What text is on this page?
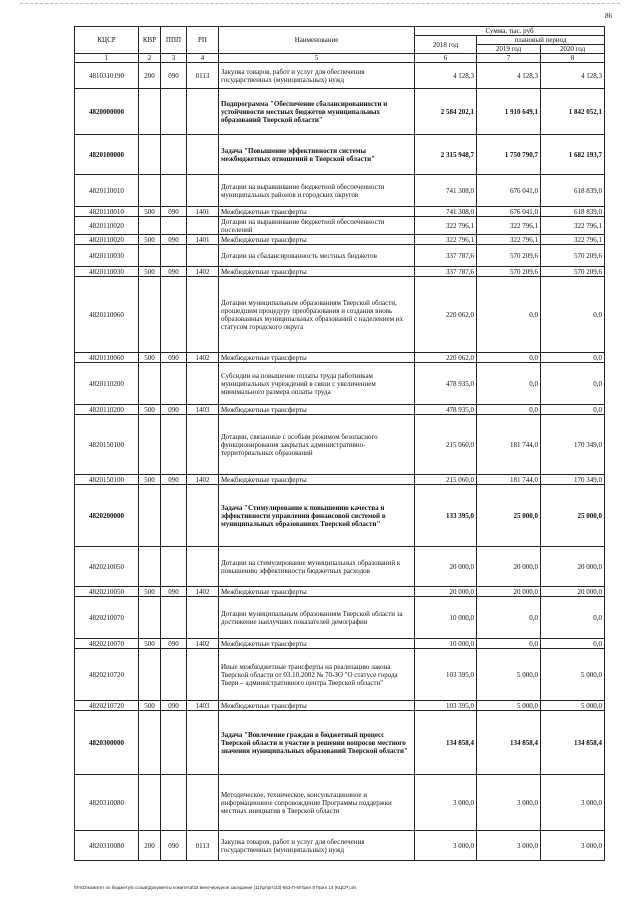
86
КЦСР	КВР	ППП	РП	Наименование	Сумма, тыс. руб		
					2018 год	плановый период	
						2019 год	2020 год
1	2	3	4	5	6	7	8
4810310190	200	090	0113	Закупка товаров, работ и услуг для обеспечения государственных (муниципальных) нужд	4 128,3	4 128,3	4 128,3
4820000000				Подпрограмма "Обеспечение сбалансированности и устойчивости местных бюджетов муниципальных образований Тверской области"	2 584 202,1	1 910 649,1	1 842 052,1
4820100000				Задача "Повышение эффективности системы межбюджетных отношений в Тверской области"	2 315 948,7	1 750 790,7	1 682 193,7
4820110010				Дотации на выравнивание бюджетной обеспеченности муниципальных районов и городских округов	741 308,0	676 041,0	618 839,0
4820110010	500	090	1401	Межбюджетные трансферты	741 308,0	676 041,0	618 839,0
4820110020				Дотации на выравнивание бюджетной обеспеченности поселений	322 796,1	322 796,1	322 796,1
4820110020	500	090	1401	Межбюджетные трансферты	322 796,1	322 796,1	322 796,1
4820110030				Дотации на сбалансированность местных бюджетов	337 787,6	570 209,6	570 209,6
4820110030	500	090	1402	Межбюджетные трансферты	337 787,6	570 209,6	570 209,6
4820110060				Дотации муниципальным образованиям Тверской области, прошедшим процедуру преобразования и создания вновь образованных муниципальных образований с наделением их статусом городского округа	220 062,0	0,0	0,0
4820110060	500	090	1402	Межбюджетные трансферты	220 062,0	0,0	0,0
4820110200				Субсидии на повышение оплаты труда работникам муниципальных учреждений в связи с увеличением минимального размера оплаты труда	478 935,0	0,0	0,0
4820110200	500	090	1403	Межбюджетные трансферты	478 935,0	0,0	0,0
4820150100				Дотации, связанные с особым режимом безопасного функционирования закрытых административно-территориальных образований	215 060,0	181 744,0	170 349,0
4820150100	500	090	1402	Межбюджетные трансферты	215 060,0	181 744,0	170 349,0
4820200000				Задача "Стимулирование к повышению качества и эффективности управления финансовой системой в муниципальных образованиях Тверской области"	133 395,0	25 000,0	25 000,0
4820210050				Дотации на стимулирование муниципальных образований к повышению эффективности бюджетных расходов	20 000,0	20 000,0	20 000,0
4820210050	500	090	1402	Межбюджетные трансферты	20 000,0	20 000,0	20 000,0
4820210070				Дотации муниципальным образованиям Тверской области за достижение наилучших показателей демографии	10 000,0	0,0	0,0
4820210070	500	090	1402	Межбюджетные трансферты	10 000,0	0,0	0,0
4820210720				Иные межбюджетные трансферты на реализацию закона Тверской области от 03.10.2002 № 70-ЗО "О статусе города Твери – административного центра Тверской области"	103 395,0	5 000,0	5 000,0
4820210720	500	090	1403	Межбюджетные трансферты	103 395,0	5 000,0	5 000,0
4820300000				Задача "Вовлечение граждан в бюджетный процесс Тверской области и участие в решении вопросов местного значения муниципальных образований Тверской области"	134 858,4	134 858,4	134 858,4
4820310080				Методическое, техническое, консультационное и информационное сопровождение Программы поддержки местных инициатив в Тверской области	3 000,0	3 000,0	3 000,0
4820310080	200	090	0113	Закупка товаров, работ и услуг для обеспечения государственных (муниципальных) нужд	3 000,0	3 000,0	3 000,0
\\Fs02\комитет по бюджету\6 созыв\Документы комитета\33 внеочередное заседание (11)\рг\рг\(33)-853-П-6\Прил 8 Прил 14 (КЦСР).xls
